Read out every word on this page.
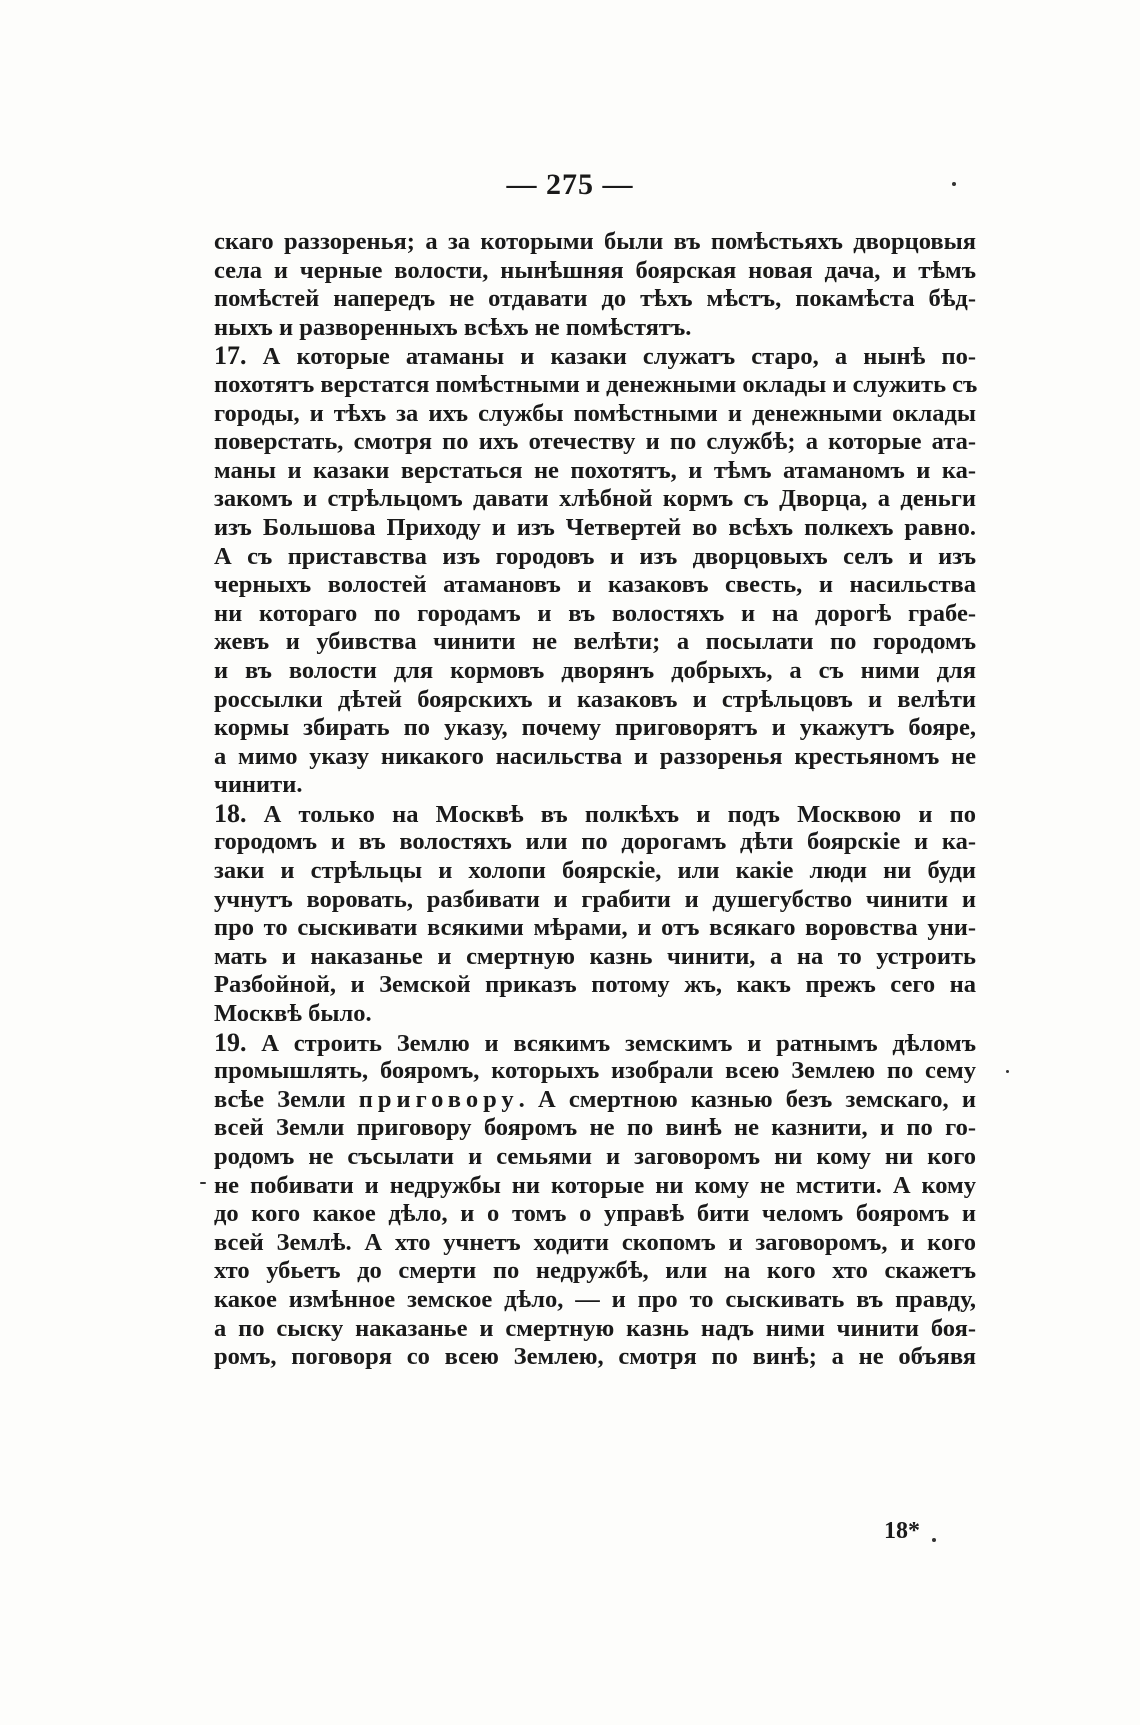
— 275 —
скаго раззоренья; а за которыми были въ помѣстьяхъ дворцовыя
села и черные волости, нынѣшняя боярская новая дача, и тѣмъ
помѣстей напередъ не отдавати до тѣхъ мѣстъ, покамѣста бѣд-
ныхъ и разворенныхъ всѣхъ не помѣстятъ.
17. А которые атаманы и казаки служатъ старо, а нынѣ по-
похотятъ верстатся помѣстными и денежными оклады и служить съ
городы, и тѣхъ за ихъ службы помѣстными и денежными оклады
поверстать, смотря по ихъ отечеству и по службѣ; а которые ата-
маны и казаки верстаться не похотятъ, и тѣмъ атаманомъ и ка-
закомъ и стрѣльцомъ давати хлѣбной кормъ съ Дворца, а деньги
изъ Большова Приходу и изъ Четвертей во всѣхъ полкехъ равно.
А съ приставства изъ городовъ и изъ дворцовыхъ селъ и изъ
черныхъ волостей атамановъ и казаковъ свесть, и насильства
ни котораго по городамъ и въ волостяхъ и на дорогѣ грабе-
жевъ и убивства чинити не велѣти; а посылати по городомъ
и въ волости для кормовъ дворянъ добрыхъ, а съ ними для
россылки дѣтей боярскихъ и казаковъ и стрѣльцовъ и велѣти
кормы збирать по указу, почему приговорятъ и укажутъ бояре,
а мимо указу никакого насильства и раззоренья крестьяномъ не
чинити.
18. А только на Москвѣ въ полкѣхъ и подъ Москвою и по
городомъ и въ волостяхъ или по дорогамъ дѣти боярскіе и ка-
заки и стрѣльцы и холопи боярскіе, или какіе люди ни буди
учнутъ воровать, разбивати и грабити и душегубство чинити и
про то сыскивати всякими мѣрами, и отъ всякаго воровства уни-
мать и наказанье и смертную казнь чинити, а на то устроить
Разбойной, и Земской приказъ потому жъ, какъ прежъ сего на
Москвѣ было.
19. А строить Землю и всякимъ земскимъ и ратнымъ дѣломъ
промышлять, бояромъ, которыхъ изобрали всею Землею по сему
всѣе Земли приговору. А смертною казнью безъ земскаго, и
всей Земли приговору бояромъ не по винѣ не казнити, и по го-
родомъ не съсылати и семьями и заговоромъ ни кому ни кого
не побивати и недружбы ни которые ни кому не мстити. А кому
до кого какое дѣло, и о томъ о управѣ бити челомъ бояромъ и
всей Землѣ. А хто учнетъ ходити скопомъ и заговоромъ, и кого
хто убьетъ до смерти по недружбѣ, или на кого хто скажетъ
какое измѣнное земское дѣло, — и про то сыскивать въ правду,
а по сыску наказанье и смертную казнь надъ ними чинити боя-
ромъ, поговоря со всею Землею, смотря по винѣ; а не объявя
18*
